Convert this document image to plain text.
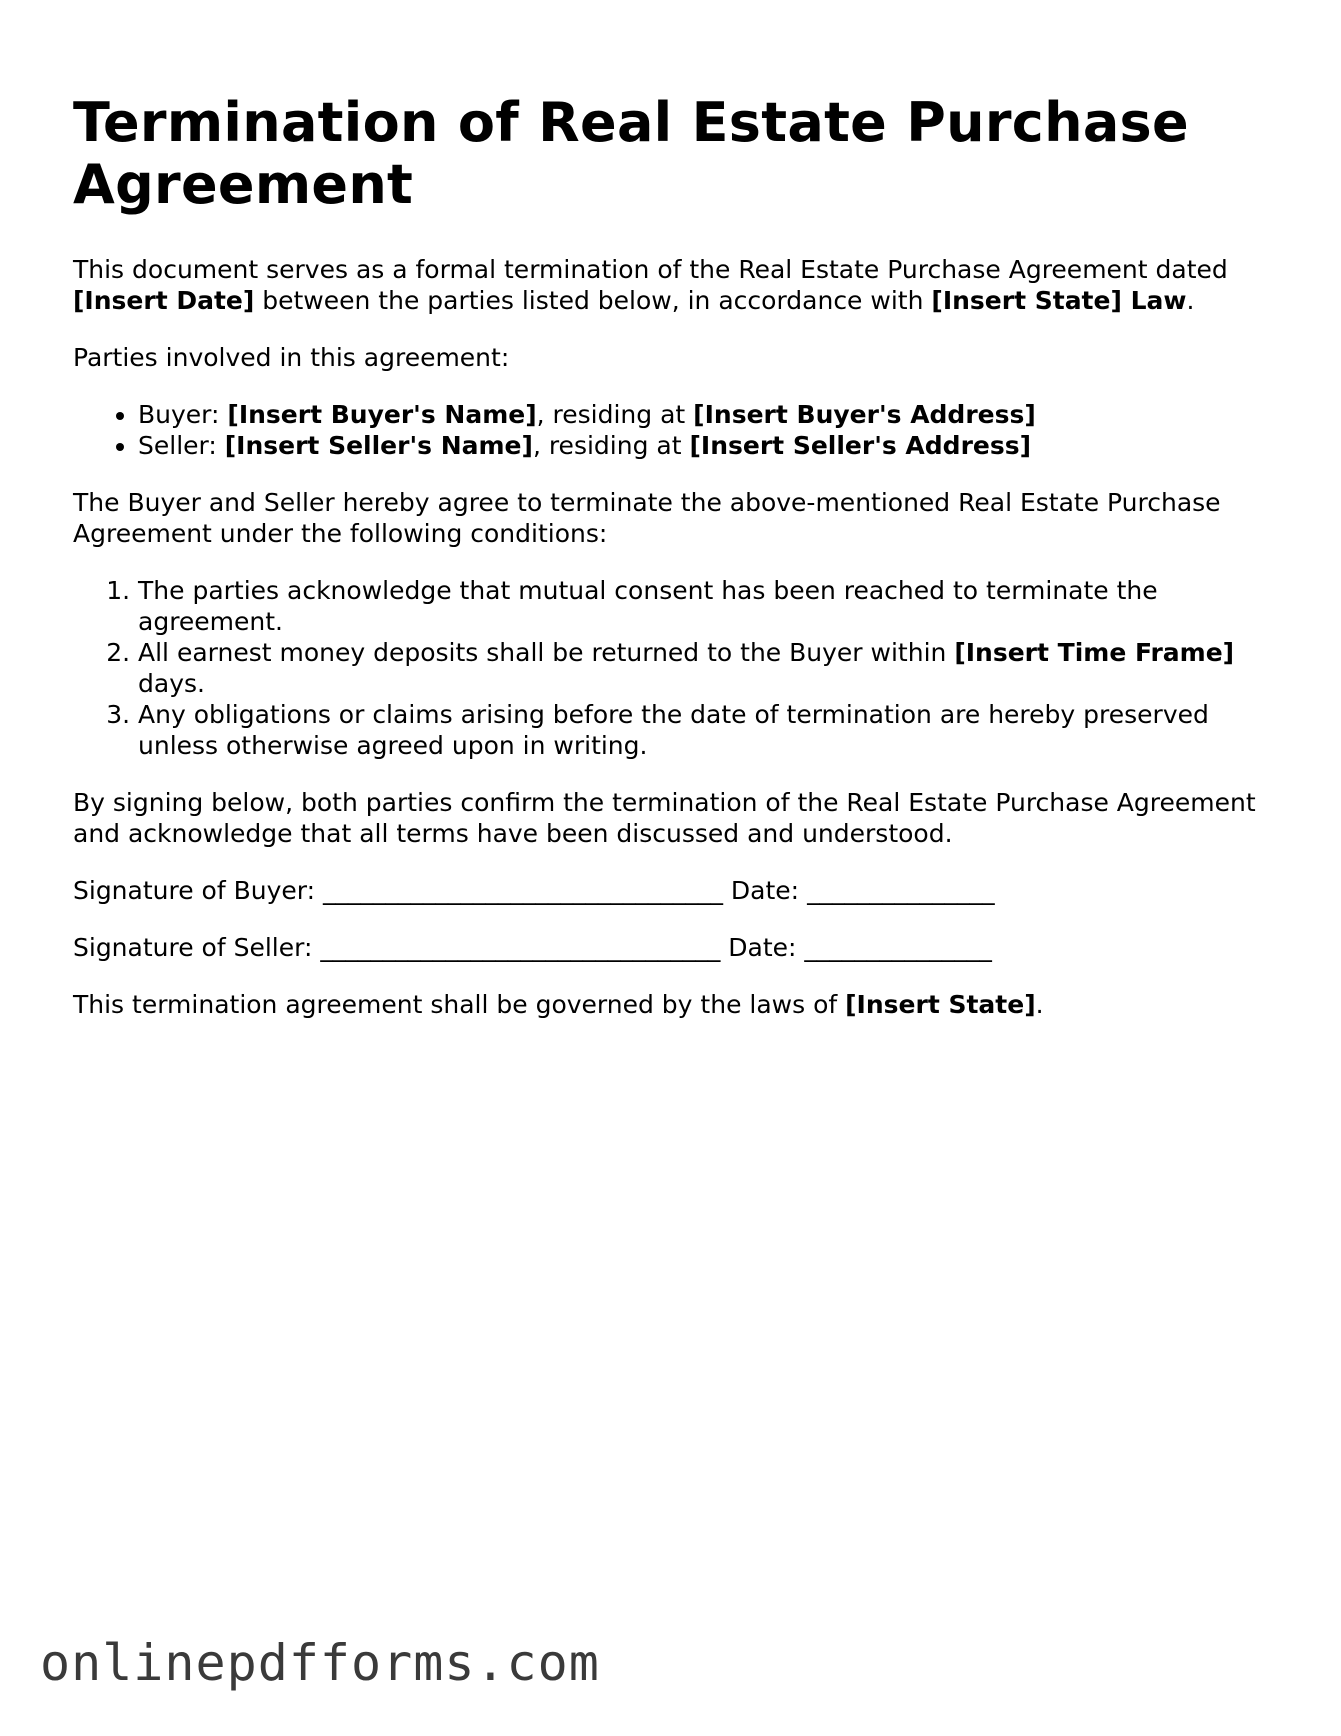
Termination of Real Estate Purchase Agreement

This document serves as a formal termination of the Real Estate Purchase Agreement dated [Insert Date] between the parties listed below, in accordance with [Insert State] Law.

Parties involved in this agreement:

• Buyer: [Insert Buyer's Name], residing at [Insert Buyer's Address]
• Seller: [Insert Seller's Name], residing at [Insert Seller's Address]

The Buyer and Seller hereby agree to terminate the above-mentioned Real Estate Purchase Agreement under the following conditions:

1. The parties acknowledge that mutual consent has been reached to terminate the agreement.
2. All earnest money deposits shall be returned to the Buyer within [Insert Time Frame] days.
3. Any obligations or claims arising before the date of termination are hereby preserved unless otherwise agreed upon in writing.

By signing below, both parties confirm the termination of the Real Estate Purchase Agreement and acknowledge that all terms have been discussed and understood.

Signature of Buyer: ________________________________ Date: _______________

Signature of Seller: ________________________________ Date: _______________

This termination agreement shall be governed by the laws of [Insert State].

onlinepdfforms.com
